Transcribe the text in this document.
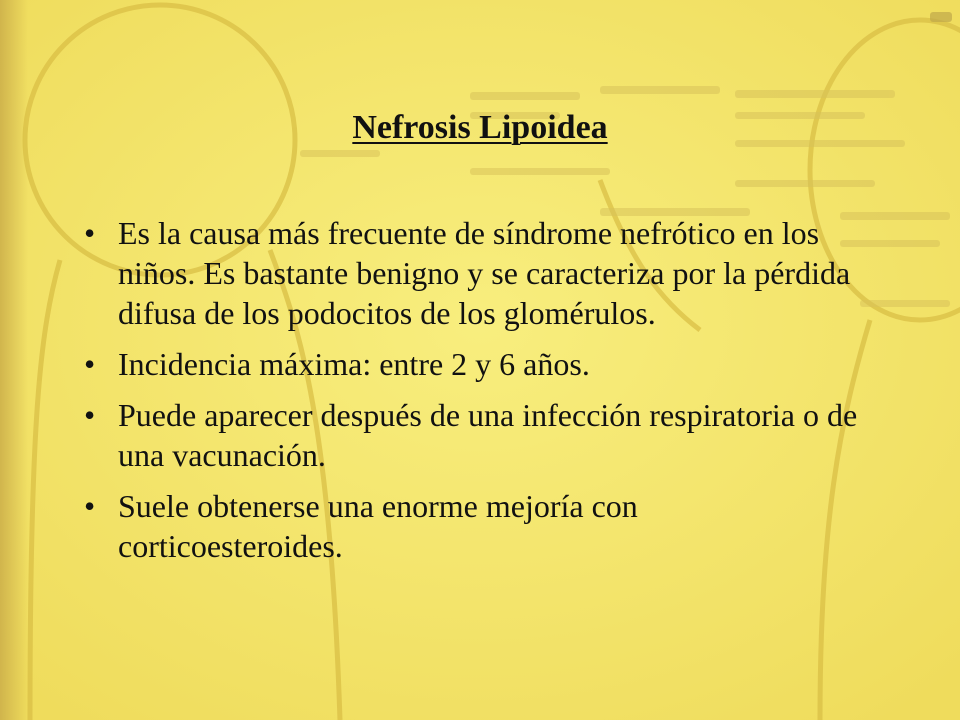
Nefrosis Lipoidea
• Es la causa más frecuente de síndrome nefrótico en los niños. Es bastante benigno y se caracteriza por la pérdida difusa de los podocitos de los glomérulos.
• Incidencia máxima: entre 2 y 6 años.
• Puede aparecer después de una infección respiratoria o de una vacunación.
• Suele obtenerse una enorme mejoría con corticoesteroides.
